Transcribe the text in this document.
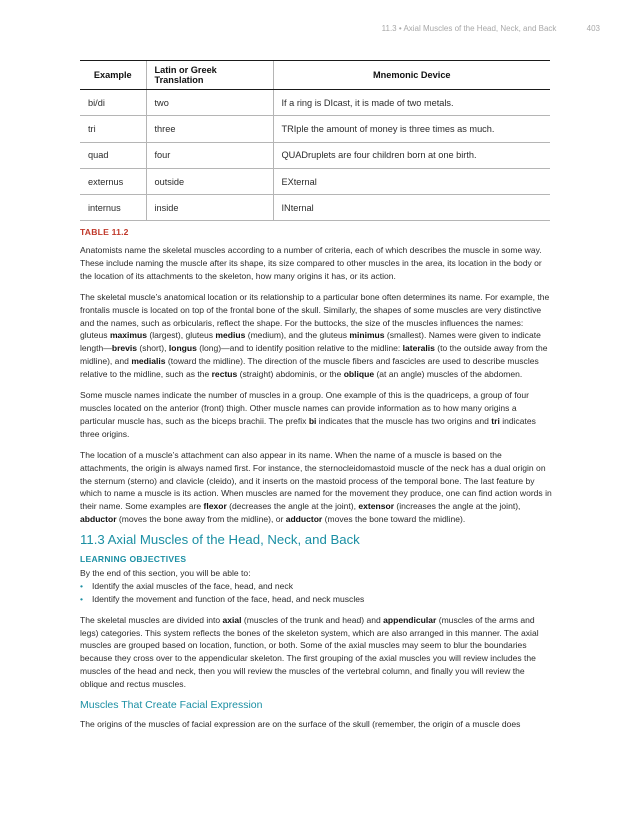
11.3 • Axial Muscles of the Head, Neck, and Back	403
Example	Latin or Greek Translation	Mnemonic Device
bi/di	two	If a ring is DIcast, it is made of two metals.
tri	three	TRIple the amount of money is three times as much.
quad	four	QUADruplets are four children born at one birth.
externus	outside	EXternal
internus	inside	INternal
TABLE 11.2

Anatomists name the skeletal muscles according to a number of criteria, each of which describes the muscle in some way. These include naming the muscle after its shape, its size compared to other muscles in the area, its location in the body or the location of its attachments to the skeleton, how many origins it has, or its action.

The skeletal muscle’s anatomical location or its relationship to a particular bone often determines its name. For example, the frontalis muscle is located on top of the frontal bone of the skull. Similarly, the shapes of some muscles are very distinctive and the names, such as orbicularis, reflect the shape. For the buttocks, the size of the muscles influences the names: gluteus maximus (largest), gluteus medius (medium), and the gluteus minimus (smallest). Names were given to indicate length—brevis (short), longus (long)—and to identify position relative to the midline: lateralis (to the outside away from the midline), and medialis (toward the midline). The direction of the muscle fibers and fascicles are used to describe muscles relative to the midline, such as the rectus (straight) abdominis, or the oblique (at an angle) muscles of the abdomen.

Some muscle names indicate the number of muscles in a group. One example of this is the quadriceps, a group of four muscles located on the anterior (front) thigh. Other muscle names can provide information as to how many origins a particular muscle has, such as the biceps brachii. The prefix bi indicates that the muscle has two origins and tri indicates three origins.

The location of a muscle’s attachment can also appear in its name. When the name of a muscle is based on the attachments, the origin is always named first. For instance, the sternocleidomastoid muscle of the neck has a dual origin on the sternum (sterno) and clavicle (cleido), and it inserts on the mastoid process of the temporal bone. The last feature by which to name a muscle is its action. When muscles are named for the movement they produce, one can find action words in their name. Some examples are flexor (decreases the angle at the joint), extensor (increases the angle at the joint), abductor (moves the bone away from the midline), or adductor (moves the bone toward the midline).

11.3 Axial Muscles of the Head, Neck, and Back
LEARNING OBJECTIVES
By the end of this section, you will be able to:
• Identify the axial muscles of the face, head, and neck
• Identify the movement and function of the face, head, and neck muscles

The skeletal muscles are divided into axial (muscles of the trunk and head) and appendicular (muscles of the arms and legs) categories. This system reflects the bones of the skeleton system, which are also arranged in this manner. The axial muscles are grouped based on location, function, or both. Some of the axial muscles may seem to blur the boundaries because they cross over to the appendicular skeleton. The first grouping of the axial muscles you will review includes the muscles of the head and neck, then you will review the muscles of the vertebral column, and finally you will review the oblique and rectus muscles.

Muscles That Create Facial Expression

The origins of the muscles of facial expression are on the surface of the skull (remember, the origin of a muscle does
